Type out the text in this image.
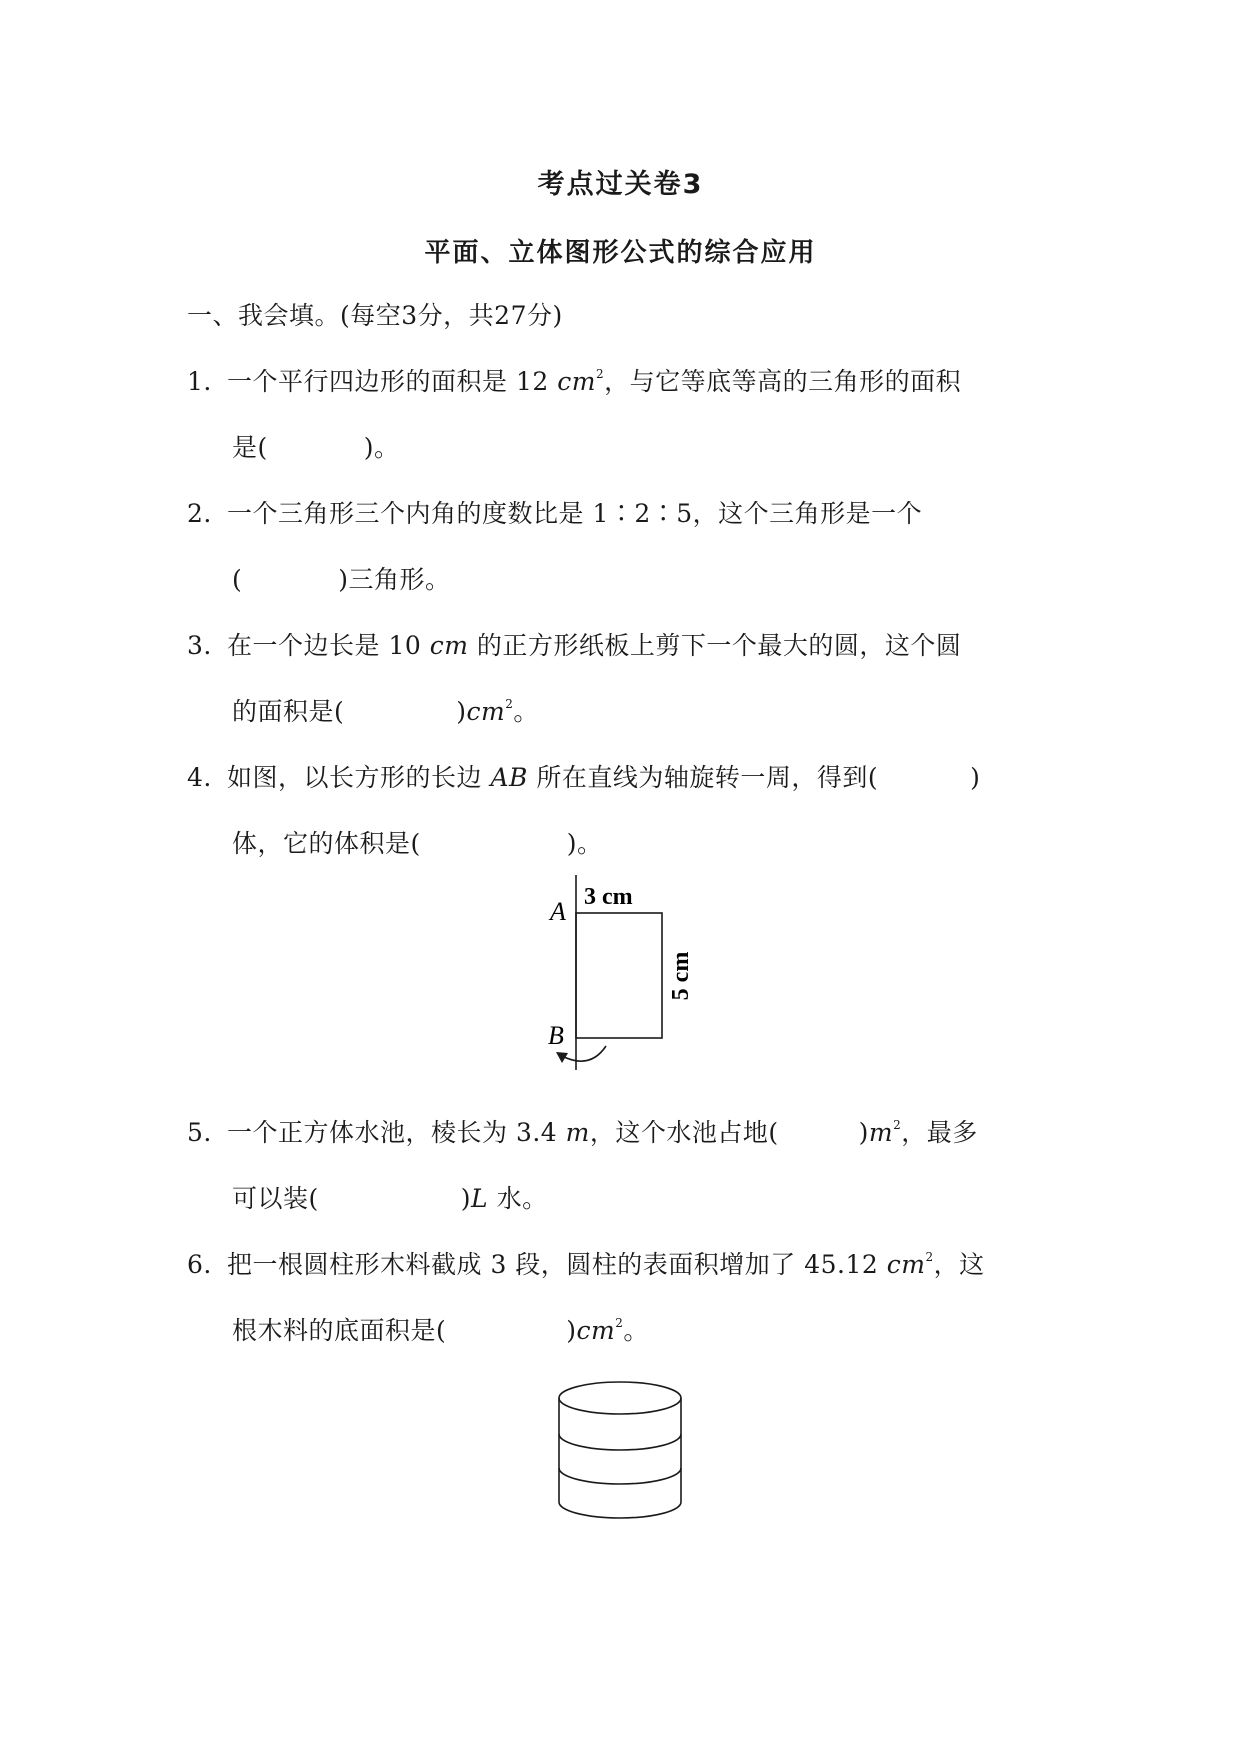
考点过关卷3
平面、立体图形公式的综合应用
一、我会填。(每空3分，共27分)
1. 一个平行四边形的面积是 12 $cm^2$，与它等底等高的三角形的面积
是(	)。
2. 一个三角形三个内角的度数比是 1∶2∶5，这个三角形是一个
(	)三角形。
3. 在一个边长是 10 cm 的正方形纸板上剪下一个最大的圆，这个圆
的面积是(	)$cm^2$。
4. 如图，以长方形的长边 AB 所在直线为轴旋转一周，得到(	)
体，它的体积是(	)。
A
B
3 cm
5 cm
5. 一个正方体水池，棱长为 3.4 m，这个水池占地(	)$m^2$，最多
可以装(	)L 水。
6. 把一根圆柱形木料截成 3 段，圆柱的表面积增加了 45.12 $cm^2$，这
根木料的底面积是(	)$cm^2$。
